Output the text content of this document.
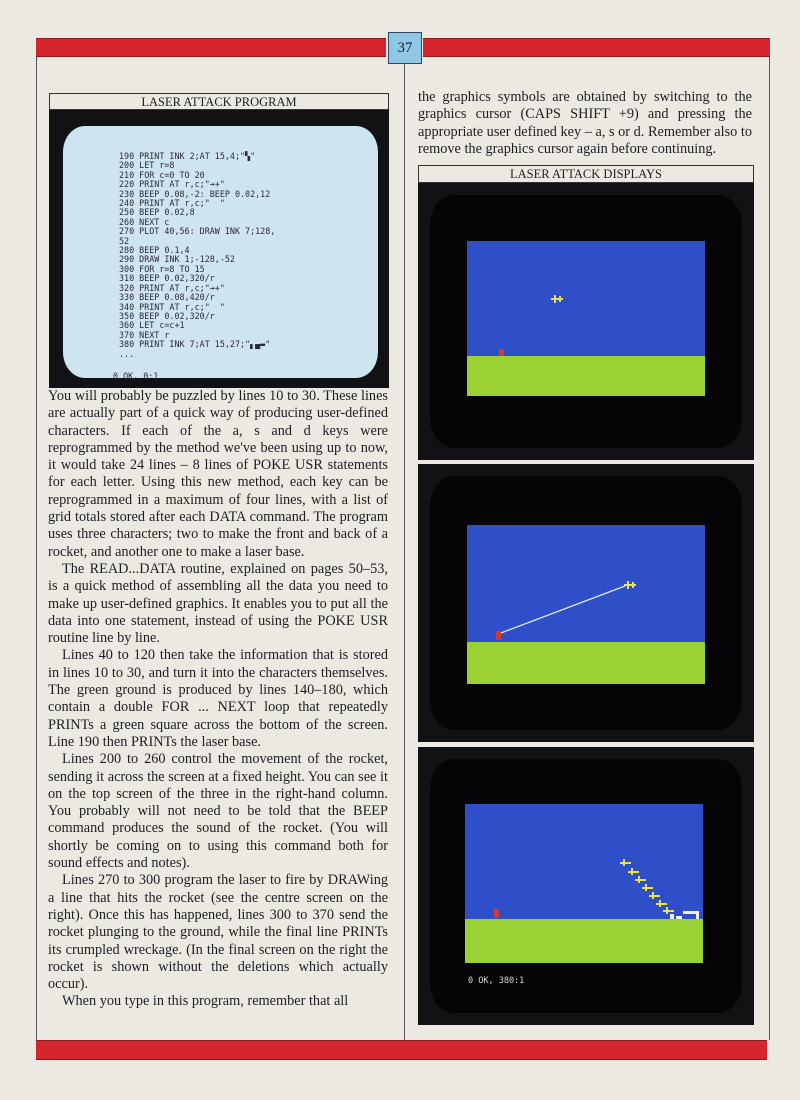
37
LASER ATTACK PROGRAM
190 PRINT INK 2;AT 15,4;"▚"
200 LET r=8
210 FOR c=0 TO 20
220 PRINT AT r,c;"➔+"
230 BEEP 0.08,-2: BEEP 0.02,12
240 PRINT AT r,c;"  "
250 BEEP 0.02,8
260 NEXT c
270 PLOT 40,56: DRAW INK 7;128,
52
280 BEEP 0.1,4
290 DRAW INK 1;-128,-52
300 FOR r=8 TO 15
310 BEEP 0.02,320/r
320 PRINT AT r,c;"➔+"
330 BEEP 0.08,420/r
340 PRINT AT r,c;"  "
350 BEEP 0.02,320/r
360 LET c=c+1
370 NEXT r
380 PRINT INK 7;AT 15,27;"▖▄▬"
...
0 OK, 0:1

You will probably be puzzled by lines 10 to 30. These lines are actually part of a quick way of producing user-defined characters. If each of the a, s and d keys were reprogrammed by the method we've been using up to now, it would take 24 lines – 8 lines of POKE USR statements for each letter. Using this new method, each key can be reprogrammed in a maximum of four lines, with a list of grid totals stored after each DATA command. The program uses three characters; two to make the front and back of a rocket, and another one to make a laser base.

The READ...DATA routine, explained on pages 50–53, is a quick method of assembling all the data you need to make up user-defined graphics. It enables you to put all the data into one statement, instead of using the POKE USR routine line by line.

Lines 40 to 120 then take the information that is stored in lines 10 to 30, and turn it into the characters themselves. The green ground is produced by lines 140–180, which contain a double FOR ... NEXT loop that repeatedly PRINTs a green square across the bottom of the screen. Line 190 then PRINTs the laser base.

Lines 200 to 260 control the movement of the rocket, sending it across the screen at a fixed height. You can see it on the top screen of the three in the right-hand column. You probably will not need to be told that the BEEP command produces the sound of the rocket. (You will shortly be coming on to using this command both for sound effects and notes).

Lines 270 to 300 program the laser to fire by DRAWing a line that hits the rocket (see the centre screen on the right). Once this has happened, lines 300 to 370 send the rocket plunging to the ground, while the final line PRINTs its crumpled wreckage. (In the final screen on the right the rocket is shown without the deletions which actually occur).

When you type in this program, remember that all

the graphics symbols are obtained by switching to the graphics cursor (CAPS SHIFT +9) and pressing the appropriate user defined key – a, s or d. Remember also to remove the graphics cursor again before continuing.

LASER ATTACK DISPLAYS
0 OK, 380:1
